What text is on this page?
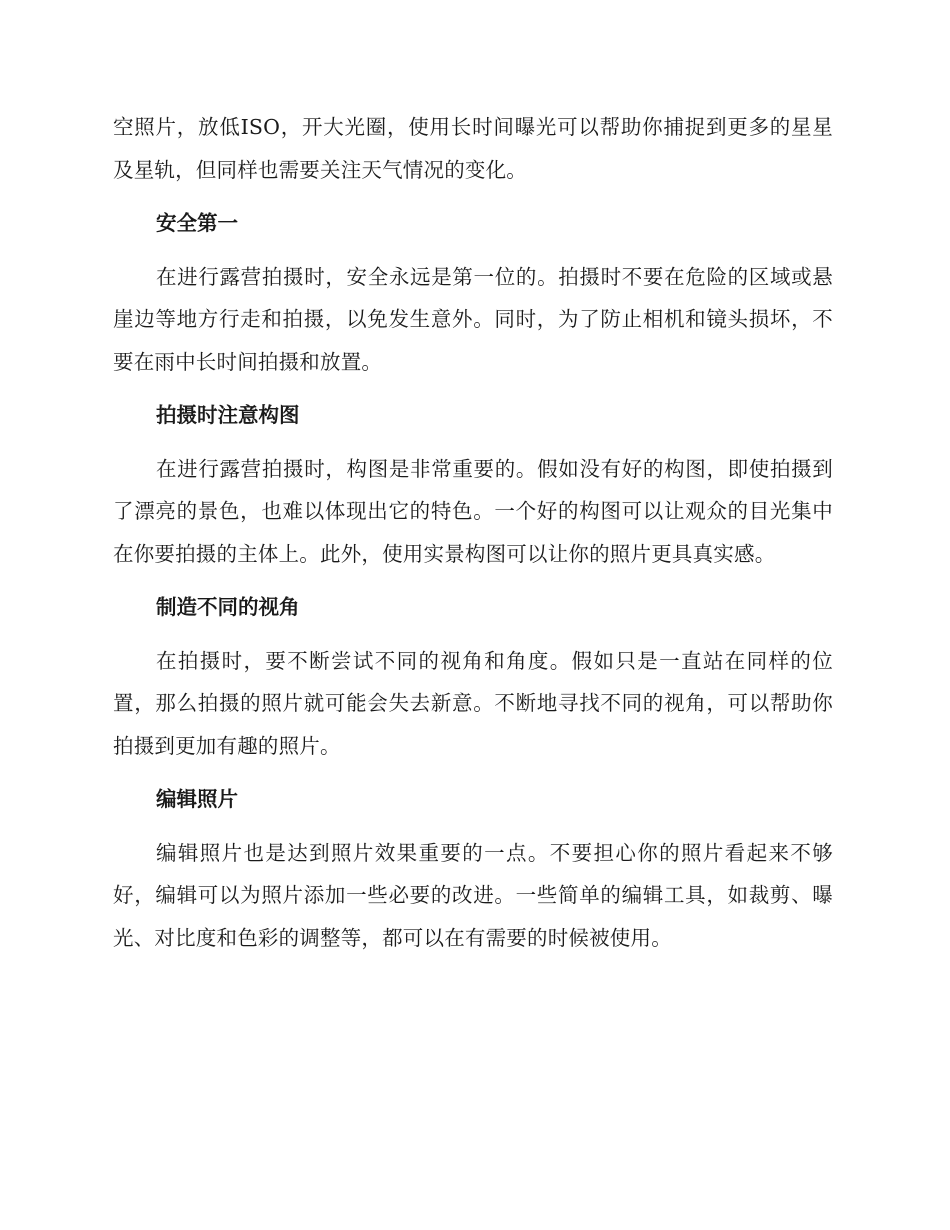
空照片，放低ISO，开大光圈，使用长时间曝光可以帮助你捕捉到更多的星星及星轨，但同样也需要关注天气情况的变化。

安全第一

在进行露营拍摄时，安全永远是第一位的。拍摄时不要在危险的区域或悬崖边等地方行走和拍摄，以免发生意外。同时，为了防止相机和镜头损坏，不要在雨中长时间拍摄和放置。

拍摄时注意构图

在进行露营拍摄时，构图是非常重要的。假如没有好的构图，即使拍摄到了漂亮的景色，也难以体现出它的特色。一个好的构图可以让观众的目光集中在你要拍摄的主体上。此外，使用实景构图可以让你的照片更具真实感。

制造不同的视角

在拍摄时，要不断尝试不同的视角和角度。假如只是一直站在同样的位置，那么拍摄的照片就可能会失去新意。不断地寻找不同的视角，可以帮助你拍摄到更加有趣的照片。

编辑照片

编辑照片也是达到照片效果重要的一点。不要担心你的照片看起来不够好，编辑可以为照片添加一些必要的改进。一些简单的编辑工具，如裁剪、曝光、对比度和色彩的调整等，都可以在有需要的时候被使用。
